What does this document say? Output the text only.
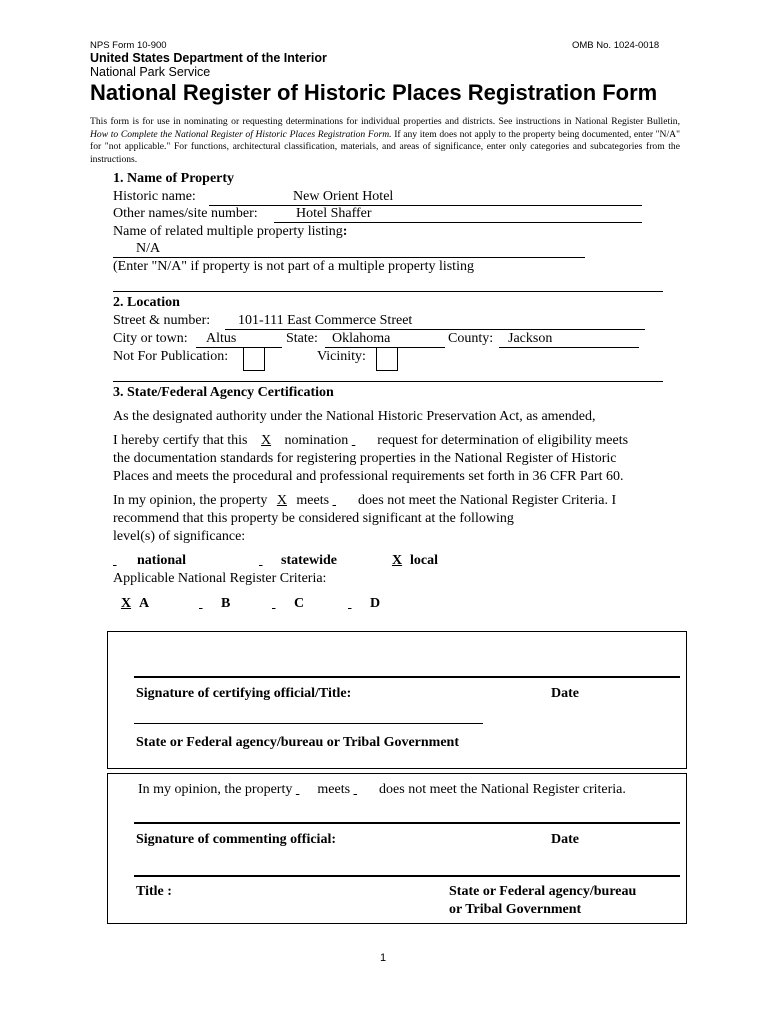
NPS Form 10-900	OMB No. 1024-0018
United States Department of the Interior
National Park Service
National Register of Historic Places Registration Form
This form is for use in nominating or requesting determinations for individual properties and districts. See instructions in National Register Bulletin, How to Complete the National Register of Historic Places Registration Form. If any item does not apply to the property being documented, enter "N/A" for "not applicable." For functions, architectural classification, materials, and areas of significance, enter only categories and subcategories from the instructions.
1. Name of Property
Historic name:	New Orient Hotel
Other names/site number:	Hotel Shaffer
Name of related multiple property listing:
N/A
(Enter "N/A" if property is not part of a multiple property listing
2. Location
Street & number: 101-111 East Commerce Street
City or town: Altus	State: Oklahoma	County: Jackson
Not For Publication:	Vicinity:
3. State/Federal Agency Certification
As the designated authority under the National Historic Preservation Act, as amended,
I hereby certify that this X nomination request for determination of eligibility meets
the documentation standards for registering properties in the National Register of Historic
Places and meets the procedural and professional requirements set forth in 36 CFR Part 60.
In my opinion, the property X meets does not meet the National Register Criteria. I
recommend that this property be considered significant at the following
level(s) of significance:
national	statewide	X local
Applicable National Register Criteria:
X A	B	C	D
Signature of certifying official/Title:	Date
State or Federal agency/bureau or Tribal Government
In my opinion, the property meets does not meet the National Register criteria.
Signature of commenting official:	Date
Title :	State or Federal agency/bureau
or Tribal Government
1
